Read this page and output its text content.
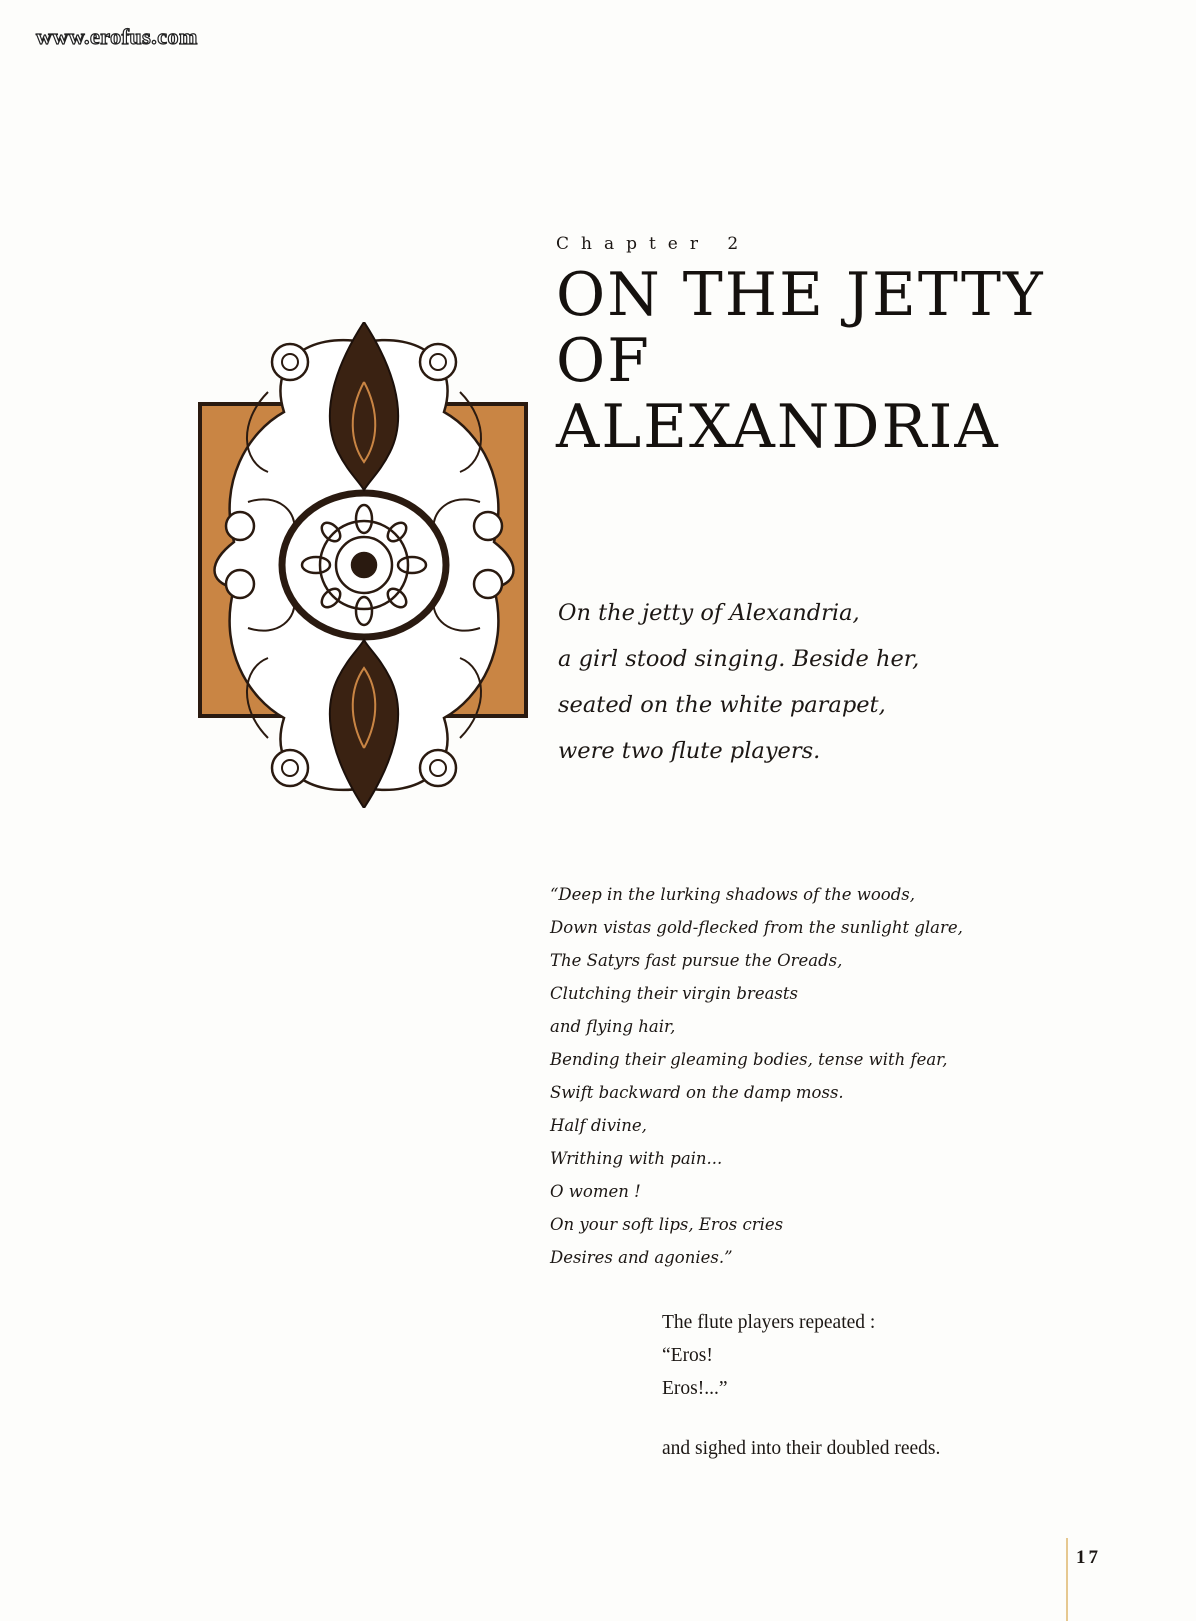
www.erofus.com
Chapter 2
ON THE JETTY
OF
ALEXANDRIA

On the jetty of Alexandria,
a girl stood singing. Beside her,
seated on the white parapet,
were two flute players.

“Deep in the lurking shadows of the woods,
Down vistas gold-flecked from the sunlight glare,
The Satyrs fast pursue the Oreads,
Clutching their virgin breasts
and flying hair,
Bending their gleaming bodies, tense with fear,
Swift backward on the damp moss.
Half divine,
Writhing with pain...
O women !
On your soft lips, Eros cries
Desires and agonies.”

The flute players repeated :
“Eros!
Eros!...”

and sighed into their doubled reeds.
17
